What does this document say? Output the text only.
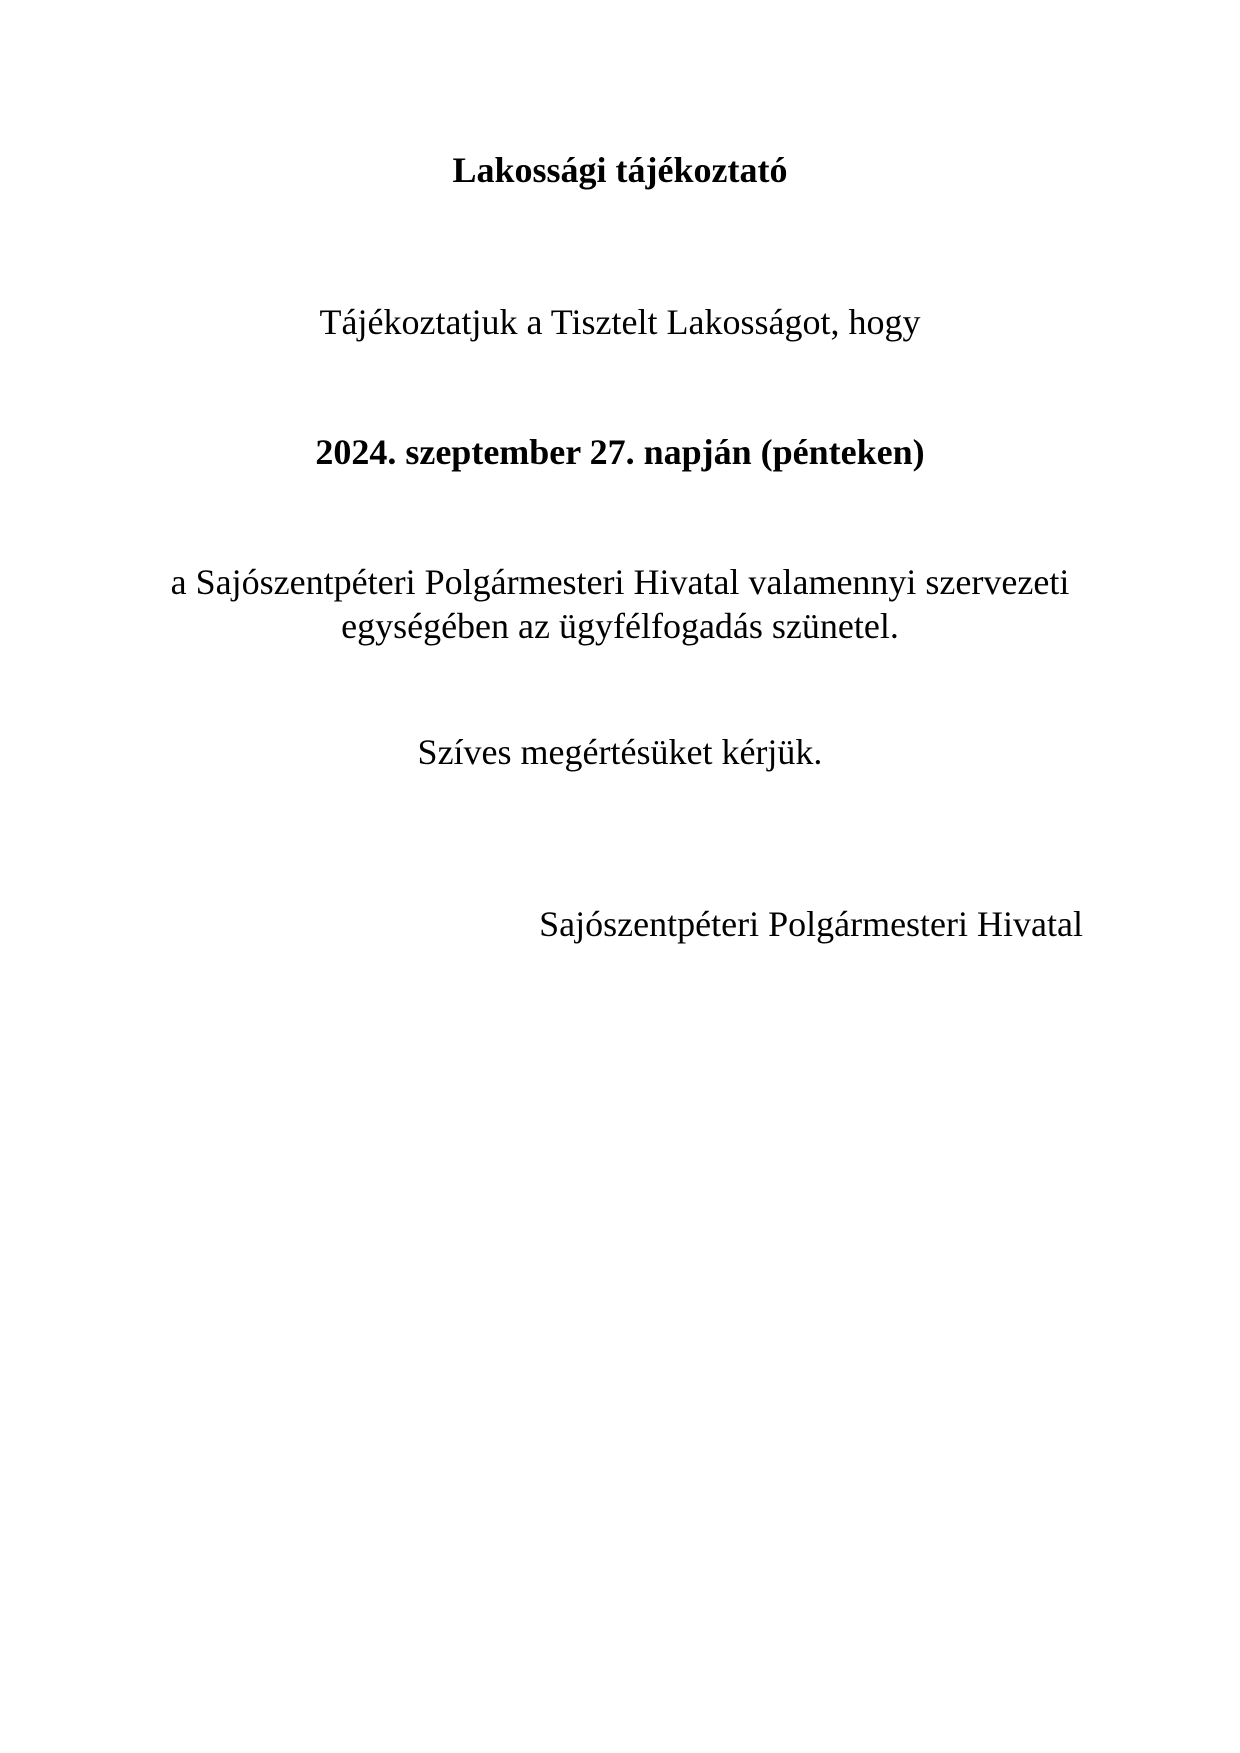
Lakossági tájékoztató
Tájékoztatjuk a Tisztelt Lakosságot, hogy
2024. szeptember 27. napján (pénteken)
a Sajószentpéteri Polgármesteri Hivatal valamennyi szervezeti
egységében az ügyfélfogadás szünetel.
Szíves megértésüket kérjük.
Sajószentpéteri Polgármesteri Hivatal
